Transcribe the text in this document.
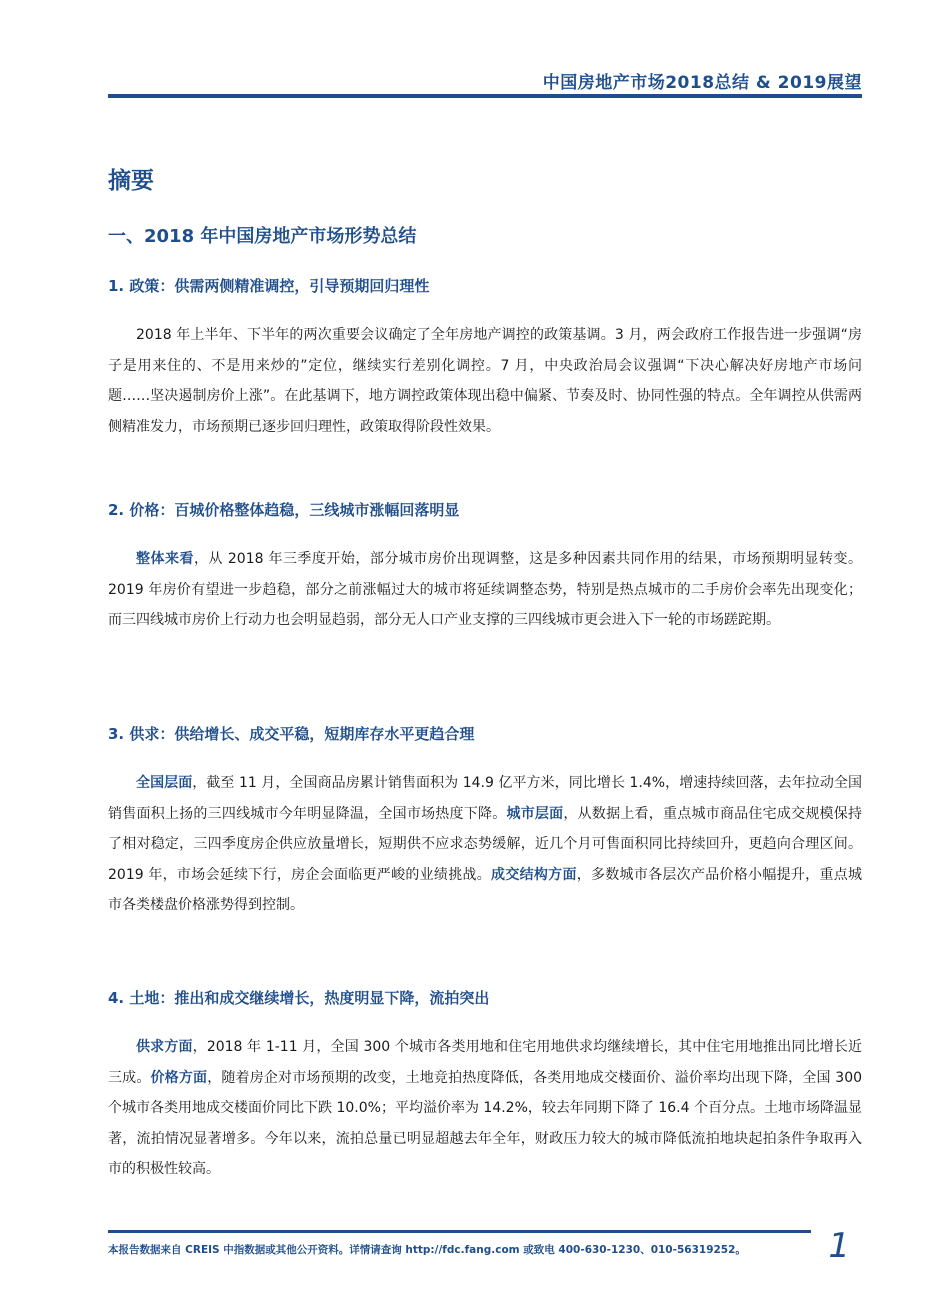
中国房地产市场2018总结 & 2019展望
摘要
一、2018 年中国房地产市场形势总结
1. 政策：供需两侧精准调控，引导预期回归理性

2018 年上半年、下半年的两次重要会议确定了全年房地产调控的政策基调。3 月，两会政府工作报告进一步强调“房子是用来住的、不是用来炒的”定位，继续实行差别化调控。7 月，中央政治局会议强调“下决心解决好房地产市场问题……坚决遏制房价上涨”。在此基调下，地方调控政策体现出稳中偏紧、节奏及时、协同性强的特点。全年调控从供需两侧精准发力，市场预期已逐步回归理性，政策取得阶段性效果。

2. 价格：百城价格整体趋稳，三线城市涨幅回落明显

整体来看，从 2018 年三季度开始，部分城市房价出现调整，这是多种因素共同作用的结果，市场预期明显转变。2019 年房价有望进一步趋稳，部分之前涨幅过大的城市将延续调整态势，特别是热点城市的二手房价会率先出现变化；而三四线城市房价上行动力也会明显趋弱，部分无人口产业支撑的三四线城市更会进入下一轮的市场蹉跎期。

3. 供求：供给增长、成交平稳，短期库存水平更趋合理

全国层面，截至 11 月，全国商品房累计销售面积为 14.9 亿平方米，同比增长 1.4%，增速持续回落，去年拉动全国销售面积上扬的三四线城市今年明显降温，全国市场热度下降。城市层面，从数据上看，重点城市商品住宅成交规模保持了相对稳定，三四季度房企供应放量增长，短期供不应求态势缓解，近几个月可售面积同比持续回升，更趋向合理区间。2019 年，市场会延续下行，房企会面临更严峻的业绩挑战。成交结构方面，多数城市各层次产品价格小幅提升，重点城市各类楼盘价格涨势得到控制。

4. 土地：推出和成交继续增长，热度明显下降，流拍突出

供求方面，2018 年 1-11 月，全国 300 个城市各类用地和住宅用地供求均继续增长，其中住宅用地推出同比增长近三成。价格方面，随着房企对市场预期的改变，土地竞拍热度降低，各类用地成交楼面价、溢价率均出现下降，全国 300 个城市各类用地成交楼面价同比下跌 10.0%；平均溢价率为 14.2%，较去年同期下降了 16.4 个百分点。土地市场降温显著，流拍情况显著增多。今年以来，流拍总量已明显超越去年全年，财政压力较大的城市降低流拍地块起拍条件争取再入市的积极性较高。

本报告数据来自 CREIS 中指数据或其他公开资料。详情请查询 http://fdc.fang.com 或致电 400-630-1230、010-56319252。 1
